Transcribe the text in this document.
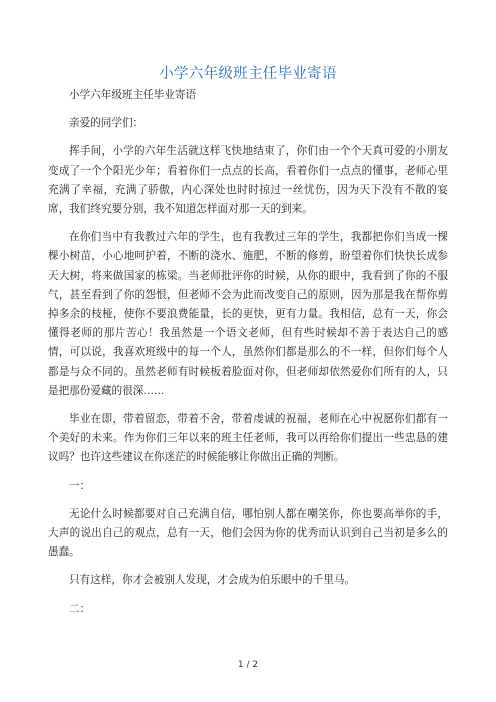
小学六年级班主任毕业寄语

小学六年级班主任毕业寄语

亲爱的同学们：

挥手间，小学的六年生活就这样飞快地结束了，你们由一个个天真可爱的小朋友变成了一个个阳光少年；看着你们一点点的长高，看着你们一点点的懂事，老师心里充满了幸福，充满了骄傲，内心深处也时时掠过一丝忧伤，因为天下没有不散的宴席，我们终究要分别，我不知道怎样面对那一天的到来。

在你们当中有我教过六年的学生，也有我教过三年的学生，我都把你们当成一棵棵小树苗，小心地呵护着，不断的浇水、施肥，不断的修剪，盼望着你们快快长成参天大树，将来做国家的栋梁。当老师批评你的时候，从你的眼中，我看到了你的不服气，甚至看到了你的怨恨，但老师不会为此而改变自己的原则，因为那是我在帮你剪掉多余的枝桠，使你不要浪费能量，长的更快，更有力量。我相信，总有一天，你会懂得老师的那片苦心！我虽然是一个语文老师，但有些时候却不善于表达自己的感情，可以说，我喜欢班级中的每一个人，虽然你们都是那么的不一样，但你们每个人都是与众不同的。虽然老师有时候板着脸面对你，但老师却依然爱你们所有的人，只是把那份爱藏的很深……

毕业在即，带着留恋，带着不舍，带着虔诚的祝福，老师在心中祝愿你们都有一个美好的未来。作为你们三年以来的班主任老师，我可以再给你们提出一些忠恳的建议吗？也许这些建议在你迷茫的时候能够让你做出正确的判断。

一：

无论什么时候都要对自己充满自信，哪怕别人都在嘲笑你，你也要高举你的手，大声的说出自己的观点，总有一天，他们会因为你的优秀而认识到自己当初是多么的愚蠢。

只有这样，你才会被别人发现，才会成为伯乐眼中的千里马。

二：

1 / 2
